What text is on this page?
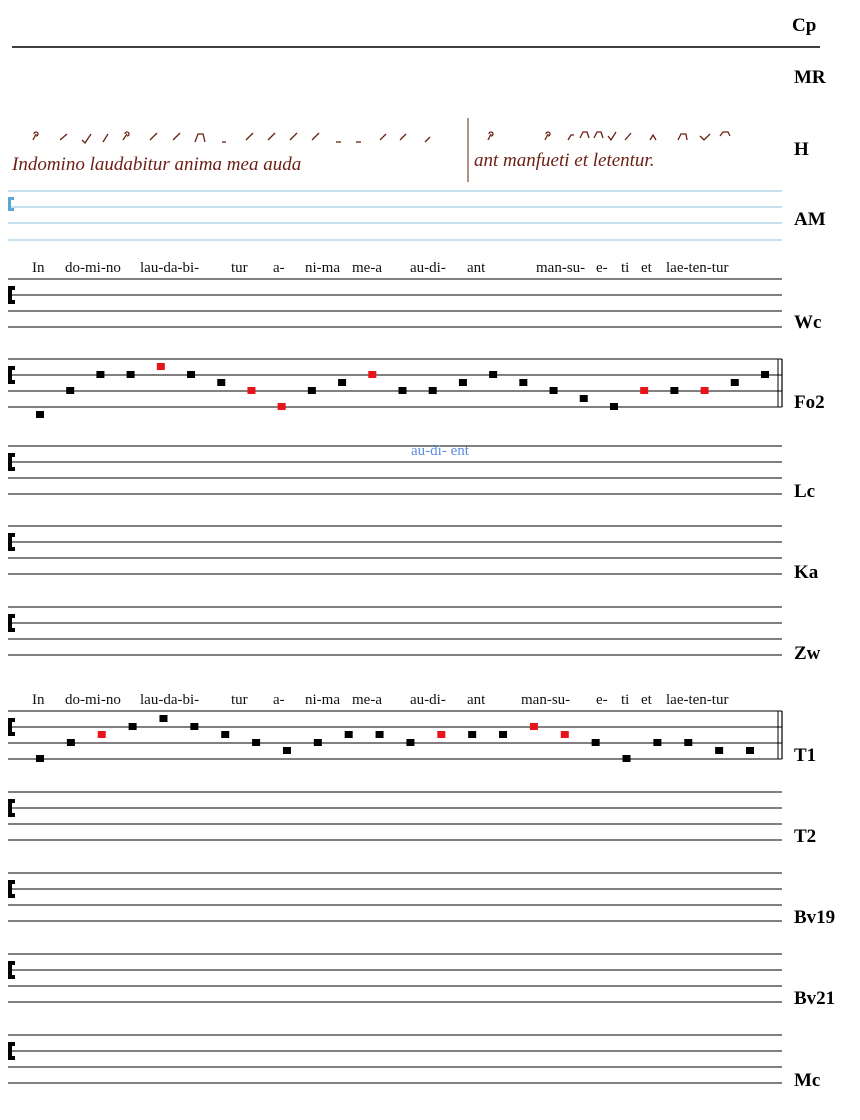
Cp
MR
Indomino laudabitur anima mea auda	ant manfueti et letentur.
H
AM
In do-mi-no lau-da-bi- tur a- ni-ma me-a au-di- ant	man-su- e- ti et lae-ten-tur
au-di- ent
In do-mi-no lau-da-bi- tur a- ni-ma me-a au-di- ant man-su- e- ti et lae-ten-tur
Wc
Fo2
Lc
Ka
Zw
T1
T2
Bv19
Bv21
Mc
